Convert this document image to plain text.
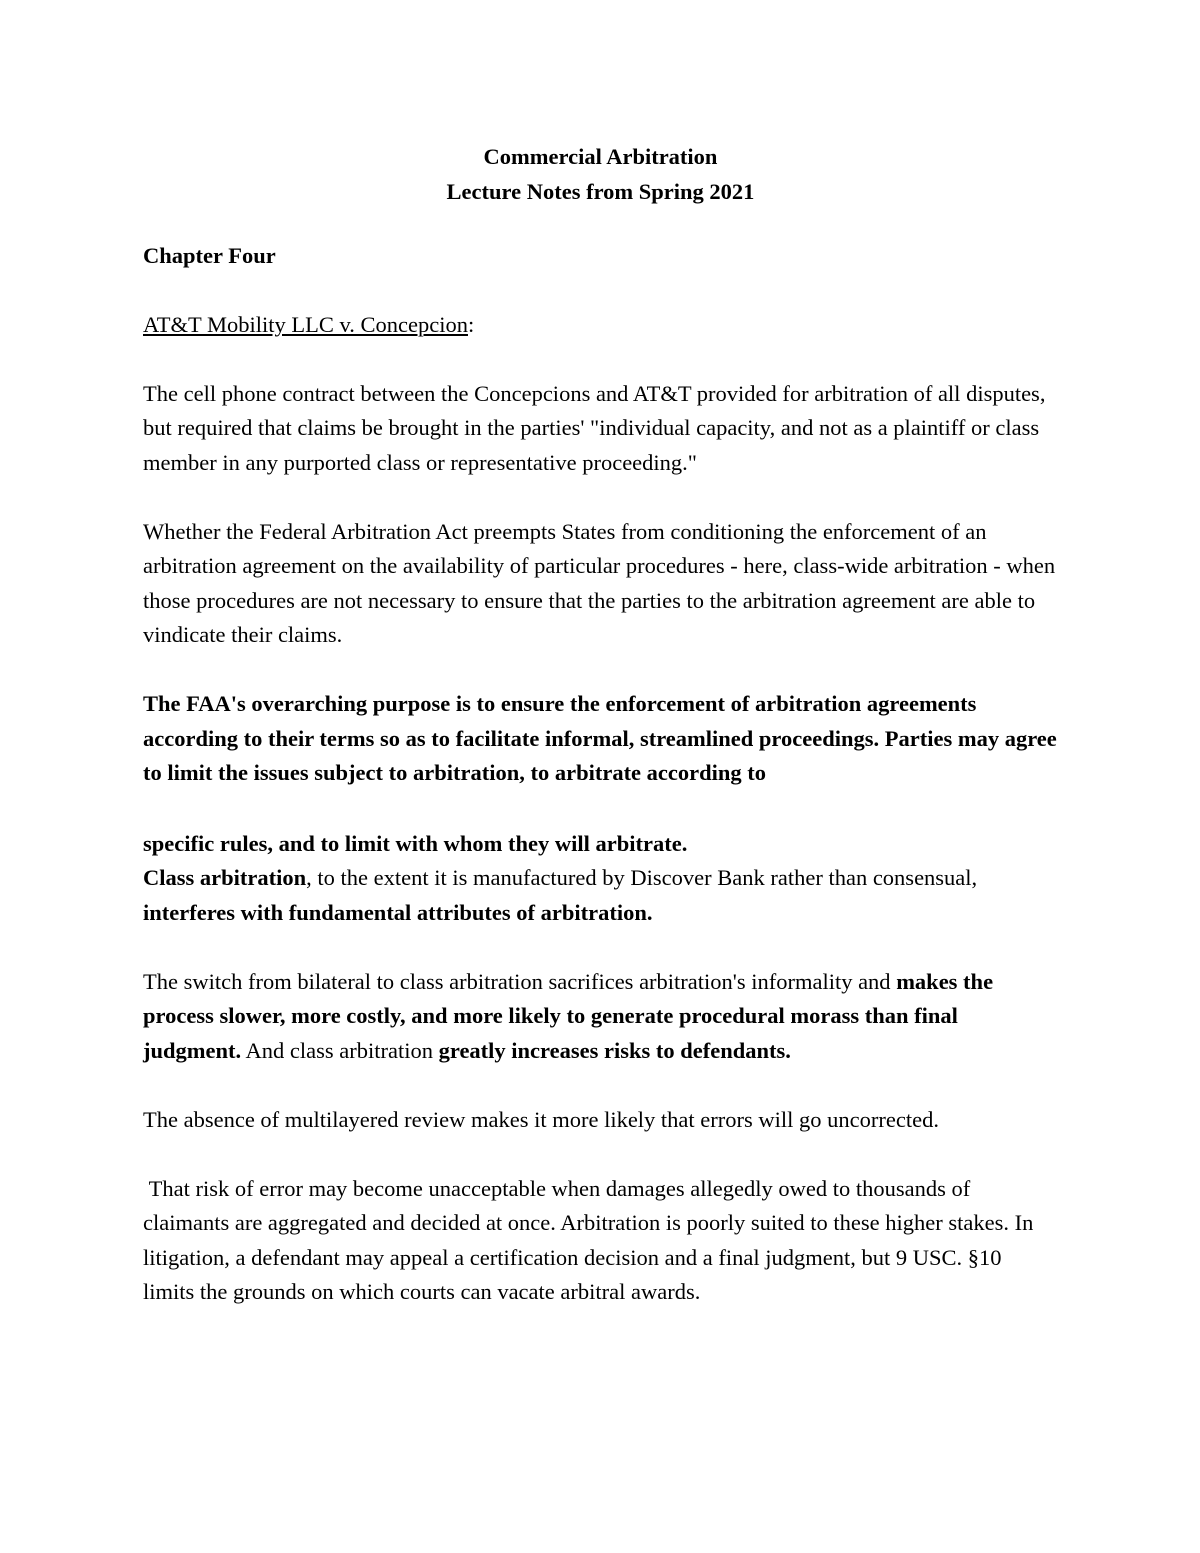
Commercial Arbitration
Lecture Notes from Spring 2021
Chapter Four
AT&T Mobility LLC v. Concepcion:

The cell phone contract between the Concepcions and AT&T provided for arbitration of all disputes, but required that claims be brought in the parties' "individual capacity, and not as a plaintiff or class member in any purported class or representative proceeding."

Whether the Federal Arbitration Act preempts States from conditioning the enforcement of an arbitration agreement on the availability of particular procedures - here, class-wide arbitration - when those procedures are not necessary to ensure that the parties to the arbitration agreement are able to vindicate their claims.

The FAA's overarching purpose is to ensure the enforcement of arbitration agreements according to their terms so as to facilitate informal, streamlined proceedings. Parties may agree to limit the issues subject to arbitration, to arbitrate according to

specific rules, and to limit with whom they will arbitrate.
Class arbitration, to the extent it is manufactured by Discover Bank rather than consensual, interferes with fundamental attributes of arbitration.

The switch from bilateral to class arbitration sacrifices arbitration's informality and makes the process slower, more costly, and more likely to generate procedural morass than final judgment. And class arbitration greatly increases risks to defendants.

The absence of multilayered review makes it more likely that errors will go uncorrected.

That risk of error may become unacceptable when damages allegedly owed to thousands of claimants are aggregated and decided at once. Arbitration is poorly suited to these higher stakes. In litigation, a defendant may appeal a certification decision and a final judgment, but 9 USC. §10 limits the grounds on which courts can vacate arbitral awards.
